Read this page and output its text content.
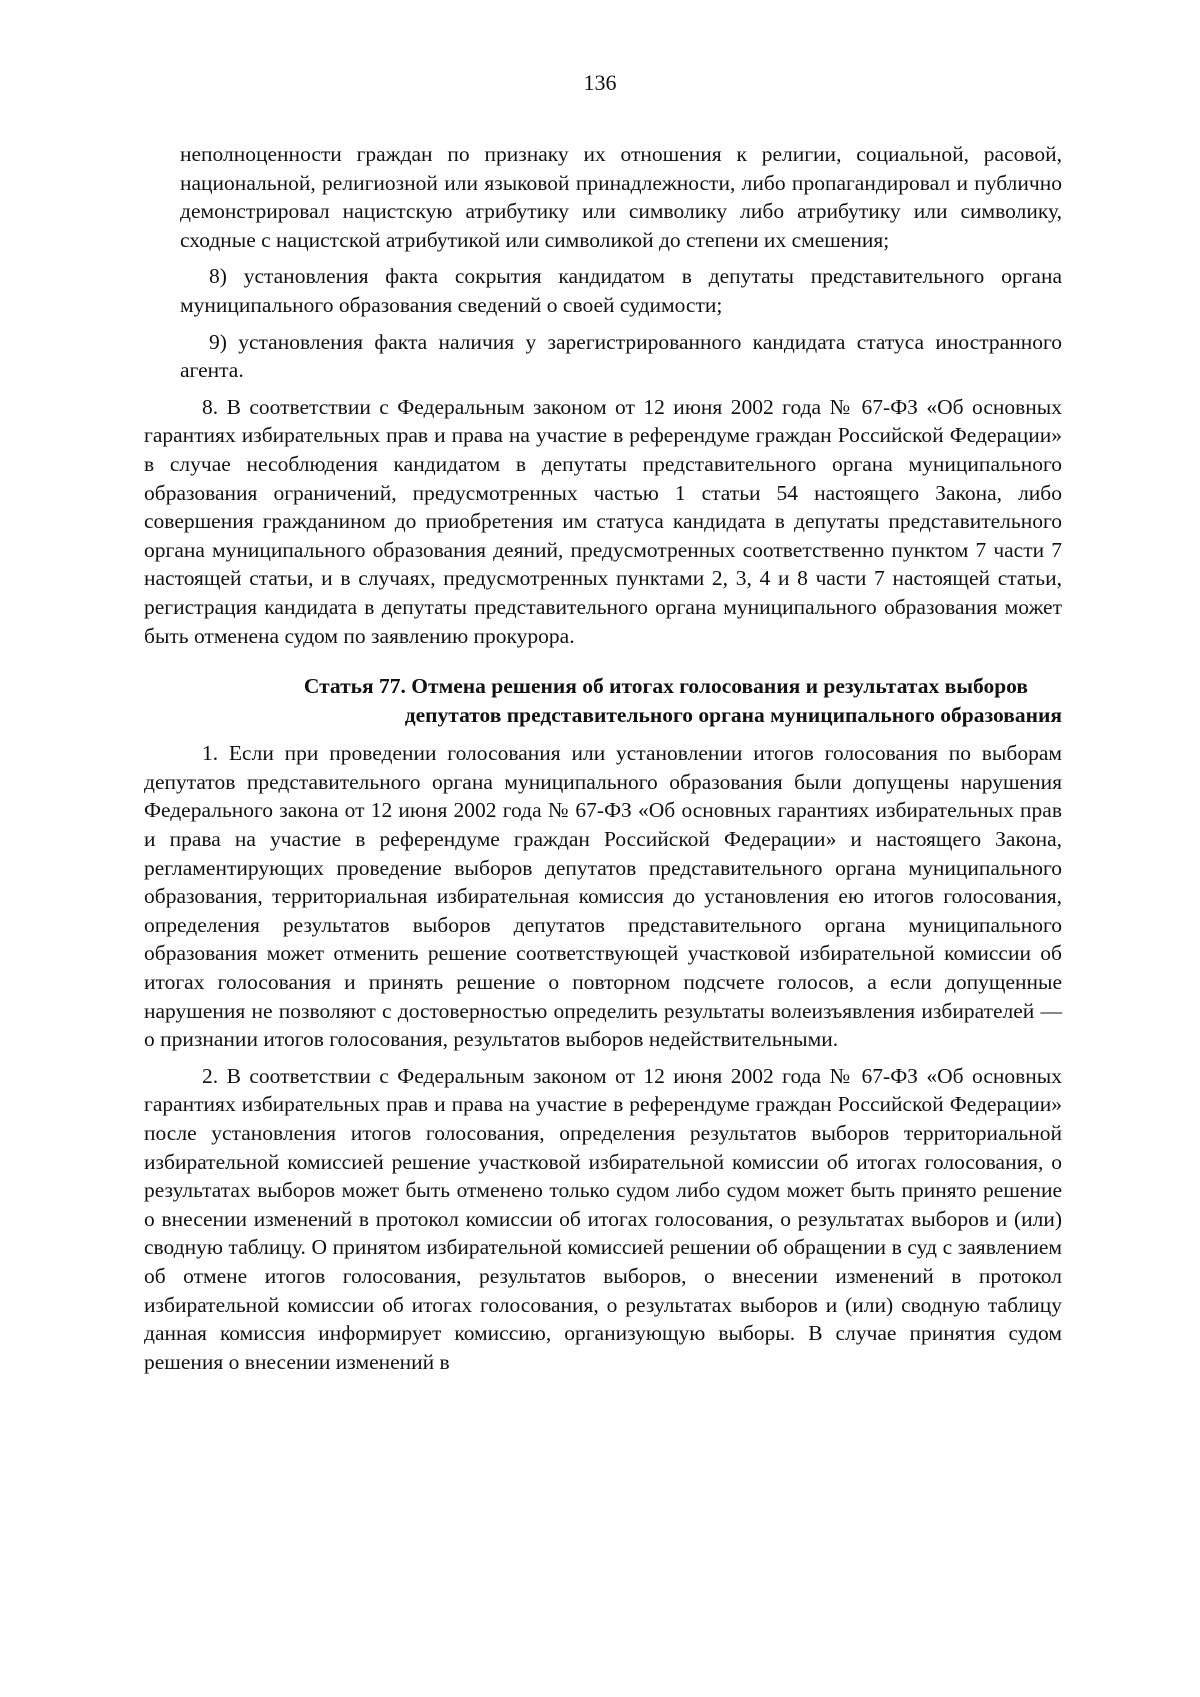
136

неполноценности граждан по признаку их отношения к религии, социальной, расовой, национальной, религиозной или языковой принадлежности, либо пропагандировал и публично демонстрировал нацистскую атрибутику или символику либо атрибутику или символику, сходные с нацистской атрибутикой или символикой до степени их смешения;

8) установления факта сокрытия кандидатом в депутаты представительного органа муниципального образования сведений о своей судимости;

9) установления факта наличия у зарегистрированного кандидата статуса иностранного агента.

8. В соответствии с Федеральным законом от 12 июня 2002 года № 67-ФЗ «Об основных гарантиях избирательных прав и права на участие в референдуме граждан Российской Федерации» в случае несоблюдения кандидатом в депутаты представительного органа муниципального образования ограничений, предусмотренных частью 1 статьи 54 настоящего Закона, либо совершения гражданином до приобретения им статуса кандидата в депутаты представительного органа муниципального образования деяний, предусмотренных соответственно пунктом 7 части 7 настоящей статьи, и в случаях, предусмотренных пунктами 2, 3, 4 и 8 части 7 настоящей статьи, регистрация кандидата в депутаты представительного органа муниципального образования может быть отменена судом по заявлению прокурора.

Статья 77. Отмена решения об итогах голосования и результатах выборов
депутатов представительного органа муниципального образования

1. Если при проведении голосования или установлении итогов голосования по выборам депутатов представительного органа муниципального образования были допущены нарушения Федерального закона от 12 июня 2002 года № 67-ФЗ «Об основных гарантиях избирательных прав и права на участие в референдуме граждан Российской Федерации» и настоящего Закона, регламентирующих проведение выборов депутатов представительного органа муниципального образования, территориальная избирательная комиссия до установления ею итогов голосования, определения результатов выборов депутатов представительного органа муниципального образования может отменить решение соответствующей участковой избирательной комиссии об итогах голосования и принять решение о повторном подсчете голосов, а если допущенные нарушения не позволяют с достоверностью определить результаты волеизъявления избирателей — о признании итогов голосования, результатов выборов недействительными.

2. В соответствии с Федеральным законом от 12 июня 2002 года № 67-ФЗ «Об основных гарантиях избирательных прав и права на участие в референдуме граждан Российской Федерации» после установления итогов голосования, определения результатов выборов территориальной избирательной комиссией решение участковой избирательной комиссии об итогах голосования, о результатах выборов может быть отменено только судом либо судом может быть принято решение о внесении изменений в протокол комиссии об итогах голосования, о результатах выборов и (или) сводную таблицу. О принятом избирательной комиссией решении об обращении в суд с заявлением об отмене итогов голосования, результатов выборов, о внесении изменений в протокол избирательной комиссии об итогах голосования, о результатах выборов и (или) сводную таблицу данная комиссия информирует комиссию, организующую выборы. В случае принятия судом решения о внесении изменений в
